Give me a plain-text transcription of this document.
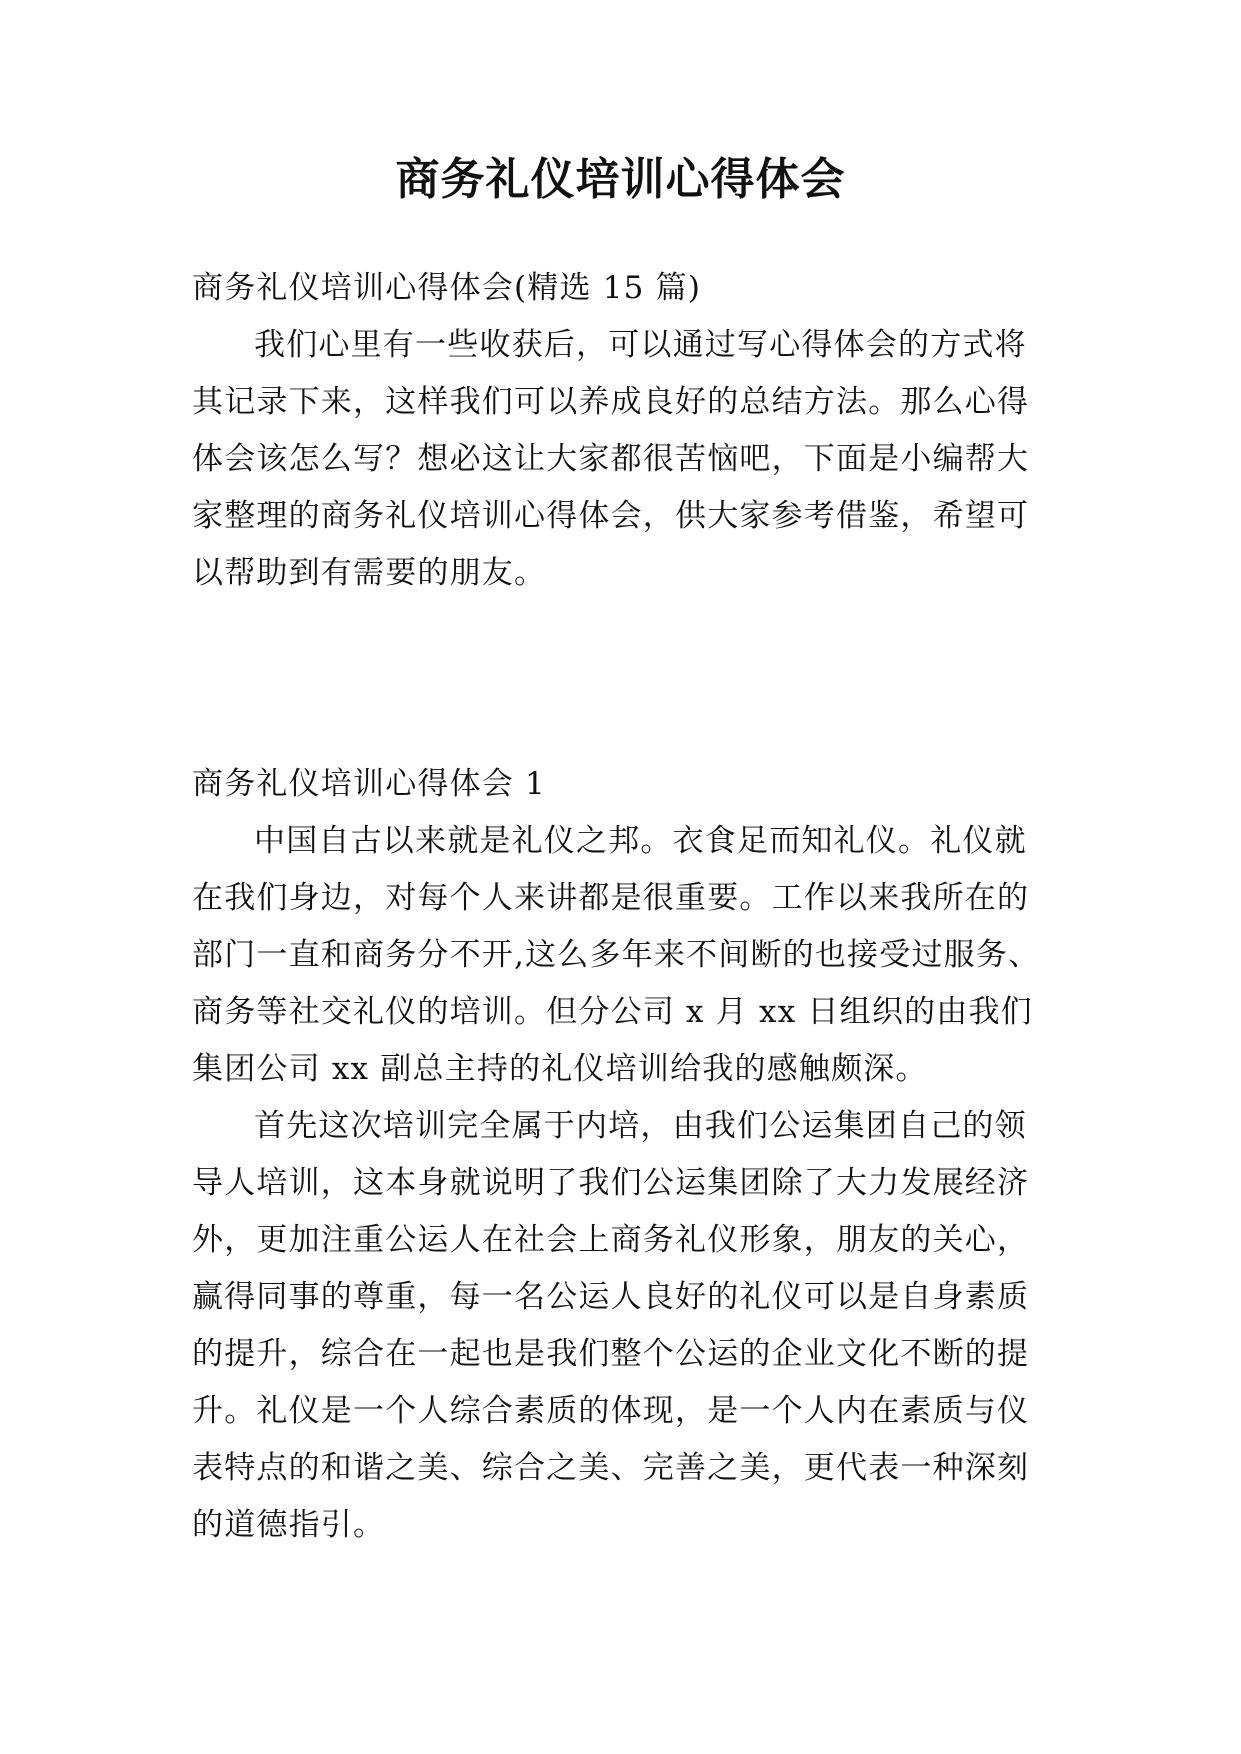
商务礼仪培训心得体会
商务礼仪培训心得体会(精选 15 篇)
我们心里有一些收获后，可以通过写心得体会的方式将
其记录下来，这样我们可以养成良好的总结方法。那么心得
体会该怎么写？想必这让大家都很苦恼吧，下面是小编帮大
家整理的商务礼仪培训心得体会，供大家参考借鉴，希望可
以帮助到有需要的朋友。
商务礼仪培训心得体会 1
中国自古以来就是礼仪之邦。衣食足而知礼仪。礼仪就
在我们身边，对每个人来讲都是很重要。工作以来我所在的
部门一直和商务分不开,这么多年来不间断的也接受过服务、
商务等社交礼仪的培训。但分公司 x 月 xx 日组织的由我们
集团公司 xx 副总主持的礼仪培训给我的感触颇深。
首先这次培训完全属于内培，由我们公运集团自己的领
导人培训，这本身就说明了我们公运集团除了大力发展经济
外，更加注重公运人在社会上商务礼仪形象，朋友的关心，
赢得同事的尊重，每一名公运人良好的礼仪可以是自身素质
的提升，综合在一起也是我们整个公运的企业文化不断的提
升。礼仪是一个人综合素质的体现，是一个人内在素质与仪
表特点的和谐之美、综合之美、完善之美，更代表一种深刻
的道德指引。
